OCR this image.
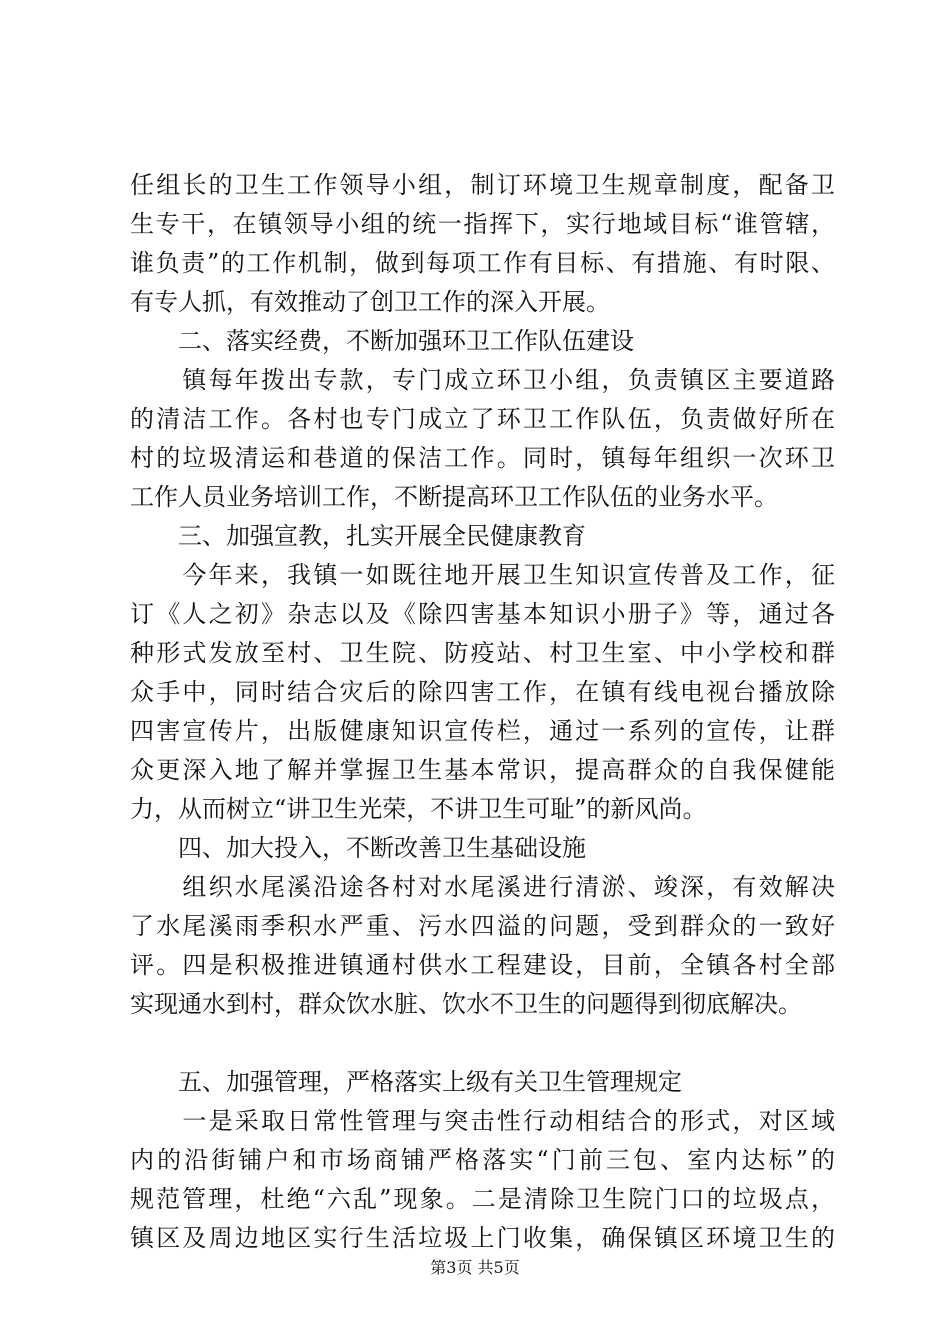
任组长的卫生工作领导小组，制订环境卫生规章制度，配备卫
生专干，在镇领导小组的统一指挥下，实行地域目标“谁管辖，
谁负责”的工作机制，做到每项工作有目标、有措施、有时限、
有专人抓，有效推动了创卫工作的深入开展。
　　二、落实经费，不断加强环卫工作队伍建设
　　镇每年拨出专款，专门成立环卫小组，负责镇区主要道路
的清洁工作。各村也专门成立了环卫工作队伍，负责做好所在
村的垃圾清运和巷道的保洁工作。同时，镇每年组织一次环卫
工作人员业务培训工作，不断提高环卫工作队伍的业务水平。
　　三、加强宣教，扎实开展全民健康教育
　　今年来，我镇一如既往地开展卫生知识宣传普及工作，征
订《人之初》杂志以及《除四害基本知识小册子》等，通过各
种形式发放至村、卫生院、防疫站、村卫生室、中小学校和群
众手中，同时结合灾后的除四害工作，在镇有线电视台播放除
四害宣传片，出版健康知识宣传栏，通过一系列的宣传，让群
众更深入地了解并掌握卫生基本常识，提高群众的自我保健能
力，从而树立“讲卫生光荣，不讲卫生可耻”的新风尚。
　　四、加大投入，不断改善卫生基础设施
　　组织水尾溪沿途各村对水尾溪进行清淤、竣深，有效解决
了水尾溪雨季积水严重、污水四溢的问题，受到群众的一致好
评。四是积极推进镇通村供水工程建设，目前，全镇各村全部
实现通水到村，群众饮水脏、饮水不卫生的问题得到彻底解决。
　　五、加强管理，严格落实上级有关卫生管理规定
　　一是采取日常性管理与突击性行动相结合的形式，对区域
内的沿街铺户和市场商铺严格落实“门前三包、室内达标”的
规范管理，杜绝“六乱”现象。二是清除卫生院门口的垃圾点，
镇区及周边地区实行生活垃圾上门收集，确保镇区环境卫生的
第3页 共5页
